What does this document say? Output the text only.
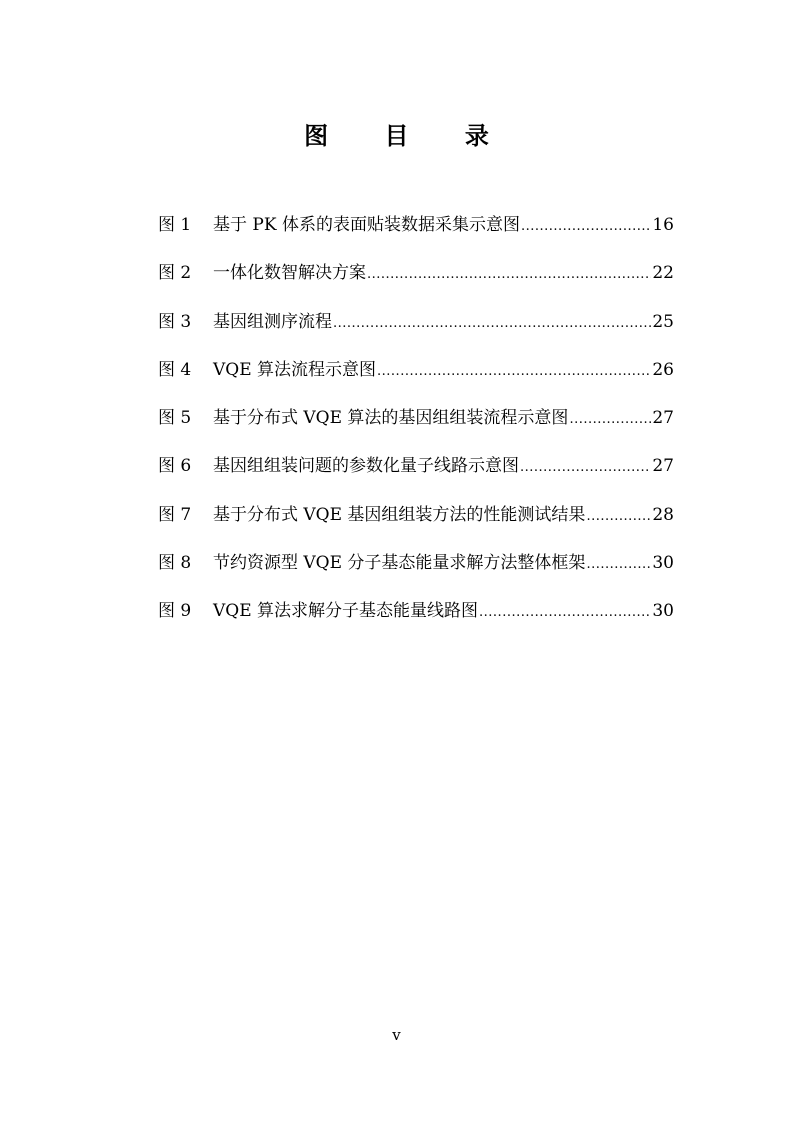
图 目 录
图 1	基于 PK 体系的表面贴装数据采集示意图 .....	16
图 2	一体化数智解决方案 .....	22
图 3	基因组测序流程 .....	25
图 4	VQE 算法流程示意图 .....	26
图 5	基于分布式 VQE 算法的基因组组装流程示意图 .....	27
图 6	基因组组装问题的参数化量子线路示意图 .....	27
图 7	基于分布式 VQE 基因组组装方法的性能测试结果 .....	28
图 8	节约资源型 VQE 分子基态能量求解方法整体框架 .....	30
图 9	VQE 算法求解分子基态能量线路图 .....	30
v
